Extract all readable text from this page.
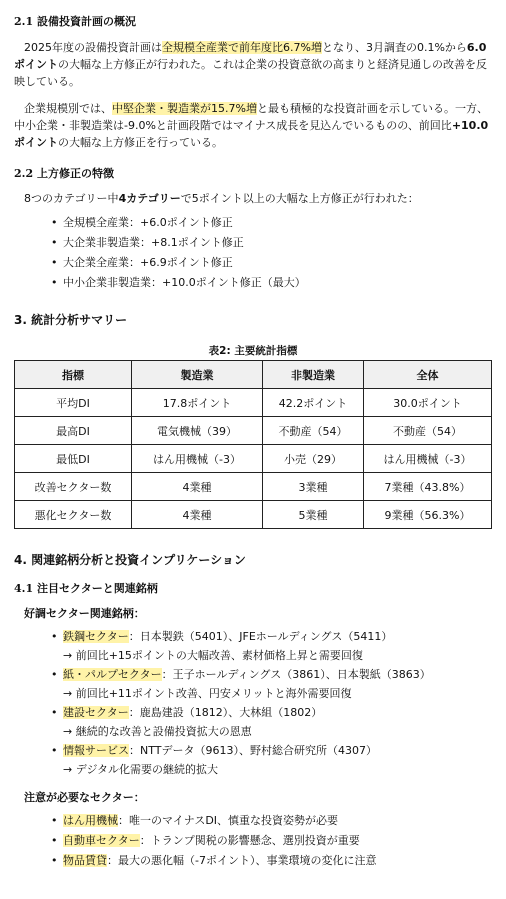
2.1 設備投資計画の概況

2025年度の設備投資計画は全規模全産業で前年度比6.7%増となり、3月調査の0.1%から6.0ポイントの大幅な上方修正が行われた。これは企業の投資意欲の高まりと経済見通しの改善を反映している。

企業規模別では、中堅企業・製造業が15.7%増と最も積極的な投資計画を示している。一方、中小企業・非製造業は-9.0%と計画段階ではマイナス成長を見込んでいるものの、前回比+10.0ポイントの大幅な上方修正を行っている。

2.2 上方修正の特徴
8つのカテゴリー中4カテゴリーで5ポイント以上の大幅な上方修正が行われた：
• 全規模全産業：+6.0ポイント修正
• 大企業非製造業：+8.1ポイント修正
• 大企業全産業：+6.9ポイント修正
• 中小企業非製造業：+10.0ポイント修正（最大）
3. 統計分析サマリー
表2: 主要統計指標
指標	製造業	非製造業	全体
平均DI	17.8ポイント	42.2ポイント	30.0ポイント
最高DI	電気機械（39）	不動産（54）	不動産（54）
最低DI	はん用機械（-3）	小売（29）	はん用機械（-3）
改善セクター数	4業種	3業種	7業種（43.8%）
悪化セクター数	4業種	5業種	9業種（56.3%）
4. 関連銘柄分析と投資インプリケーション
4.1 注目セクターと関連銘柄
好調セクター関連銘柄：
• 鉄鋼セクター：日本製鉄（5401）、JFEホールディングス（5411）
→ 前回比+15ポイントの大幅改善、素材価格上昇と需要回復
• 紙・パルプセクター：王子ホールディングス（3861）、日本製紙（3863）
→ 前回比+11ポイント改善、円安メリットと海外需要回復
• 建設セクター：鹿島建設（1812）、大林組（1802）
→ 継続的な改善と設備投資拡大の恩恵
• 情報サービス：NTTデータ（9613）、野村総合研究所（4307）
→ デジタル化需要の継続的拡大
注意が必要なセクター：
• はん用機械：唯一のマイナスDI、慎重な投資姿勢が必要
• 自動車セクター：トランプ関税の影響懸念、選別投資が重要
• 物品賃貸：最大の悪化幅（-7ポイント）、事業環境の変化に注意
